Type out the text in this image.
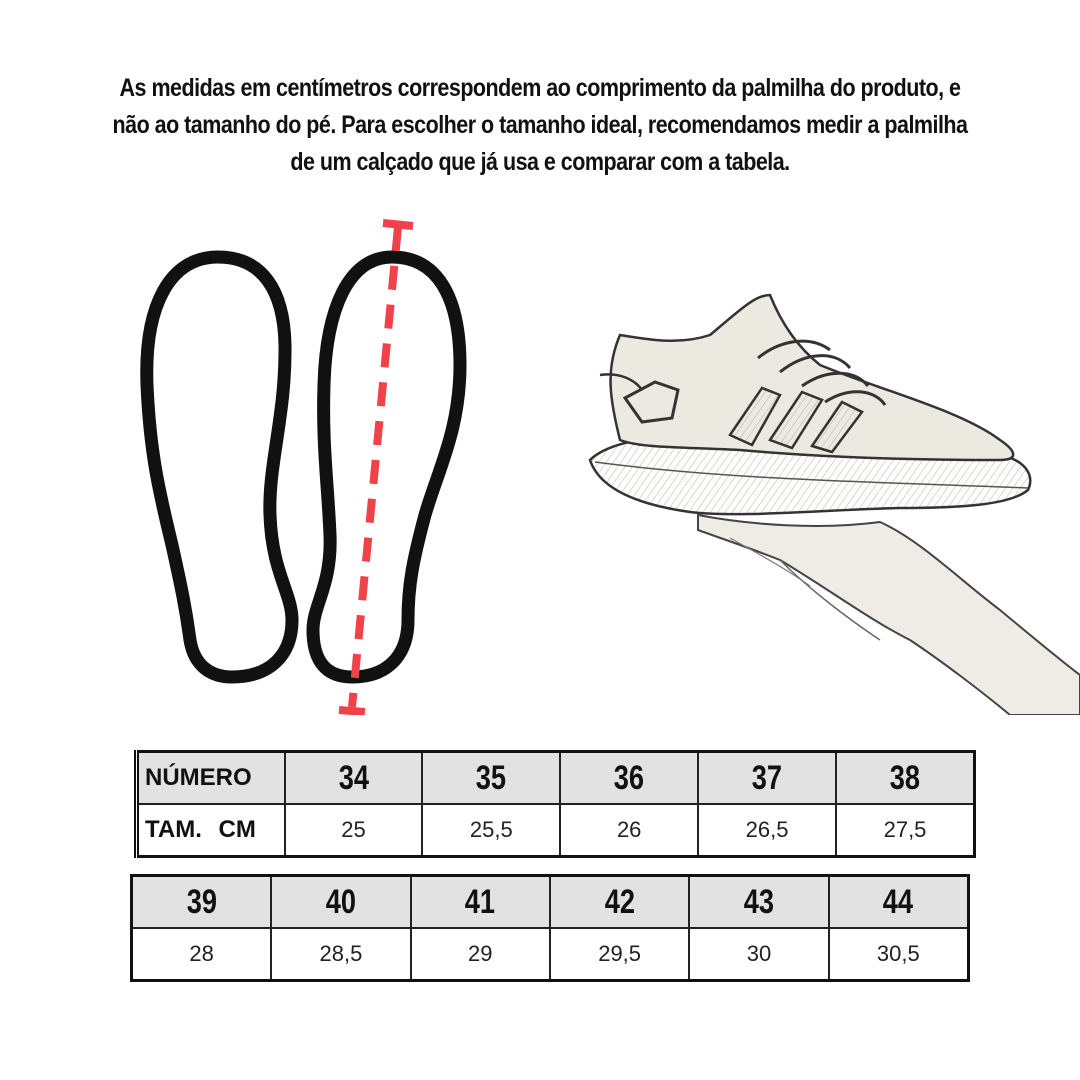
As medidas em centímetros correspondem ao comprimento da palmilha do produto, e não ao tamanho do pé. Para escolher o tamanho ideal, recomendamos medir a palmilha de um calçado que já usa e comparar com a tabela.
NÚMERO	34	35	36	37	38
TAM. CM	25	25,5	26	26,5	27,5
39	40	41	42	43	44
28	28,5	29	29,5	30	30,5
